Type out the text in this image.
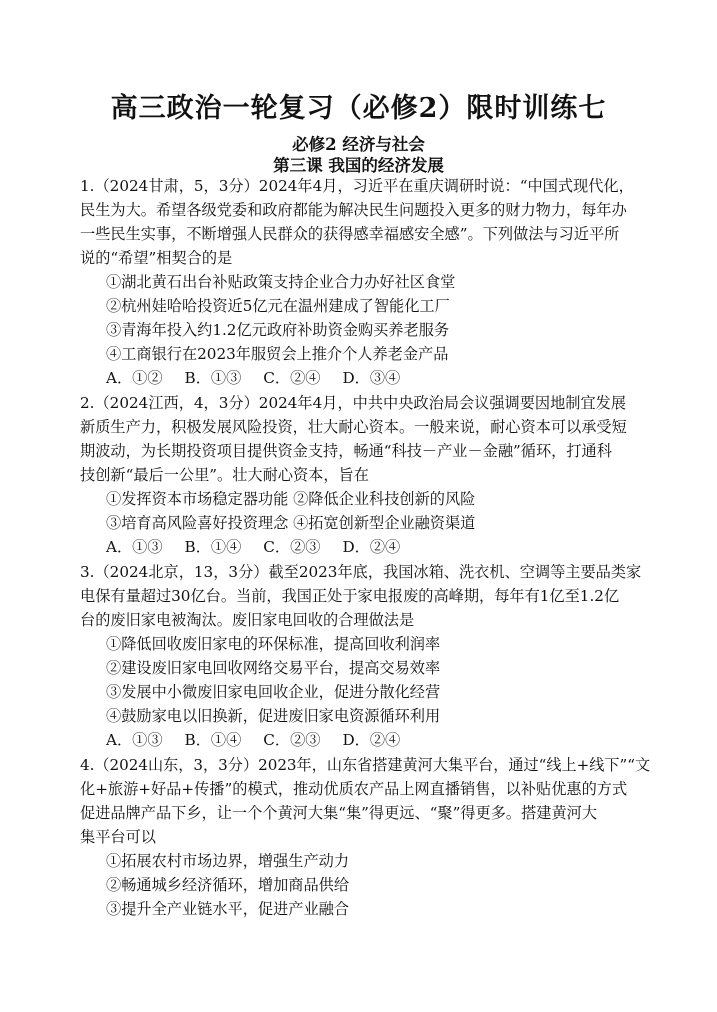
高三政治一轮复习（必修2）限时训练七
必修2 经济与社会
第三课 我国的经济发展
1.（2024甘肃，5，3分）2024年4月，习近平在重庆调研时说：“中国式现代化，
民生为大。希望各级党委和政府都能为解决民生问题投入更多的财力物力，每年办
一些民生实事，不断增强人民群众的获得感幸福感安全感”。下列做法与习近平所
说的“希望”相契合的是
①湖北黄石出台补贴政策支持企业合力办好社区食堂
②杭州娃哈哈投资近5亿元在温州建成了智能化工厂
③青海年投入约1.2亿元政府补助资金购买养老服务
④工商银行在2023年服贸会上推介个人养老金产品
A．①② B．①③ C．②④ D．③④
2.（2024江西，4，3分）2024年4月，中共中央政治局会议强调要因地制宜发展
新质生产力，积极发展风险投资，壮大耐心资本。一般来说，耐心资本可以承受短
期波动，为长期投资项目提供资金支持，畅通“科技－产业－金融”循环，打通科
技创新“最后一公里”。壮大耐心资本，旨在
①发挥资本市场稳定器功能 ②降低企业科技创新的风险
③培育高风险喜好投资理念 ④拓宽创新型企业融资渠道
A．①③ B．①④ C．②③ D．②④
3.（2024北京，13，3分）截至2023年底，我国冰箱、洗衣机、空调等主要品类家
电保有量超过30亿台。当前，我国正处于家电报废的高峰期，每年有1亿至1.2亿
台的废旧家电被淘汰。废旧家电回收的合理做法是
①降低回收废旧家电的环保标准，提高回收利润率
②建设废旧家电回收网络交易平台，提高交易效率
③发展中小微废旧家电回收企业，促进分散化经营
④鼓励家电以旧换新，促进废旧家电资源循环利用
A．①③ B．①④ C．②③ D．②④
4.（2024山东，3，3分）2023年，山东省搭建黄河大集平台，通过“线上+线下”“文
化+旅游+好品+传播”的模式，推动优质农产品上网直播销售，以补贴优惠的方式
促进品牌产品下乡，让一个个黄河大集“集”得更远、“聚”得更多。搭建黄河大
集平台可以
①拓展农村市场边界，增强生产动力
②畅通城乡经济循环，增加商品供给
③提升全产业链水平，促进产业融合
